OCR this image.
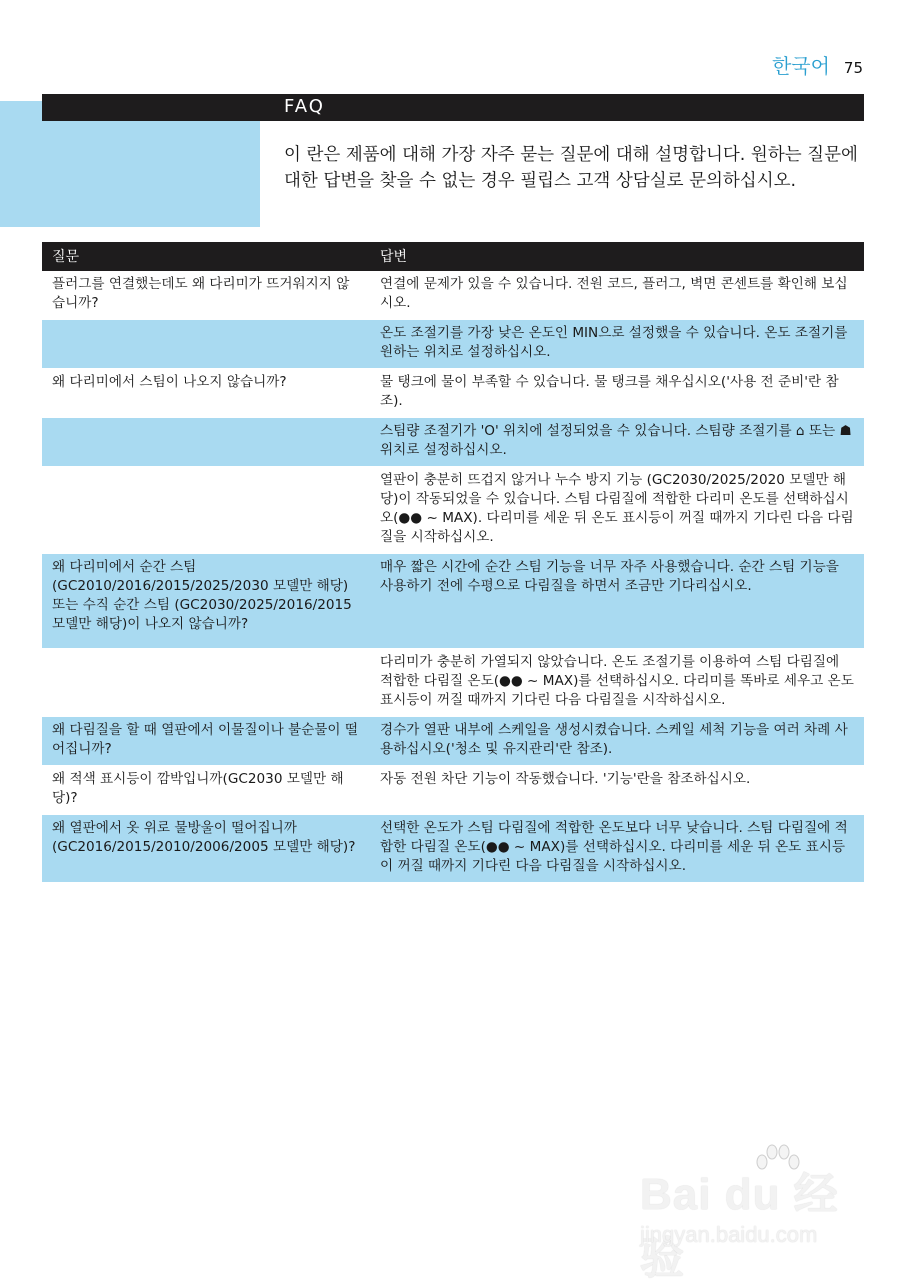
한국어 75
FAQ

이 란은 제품에 대해 가장 자주 묻는 질문에 대해 설명합니다. 원하는 질문에 대한 답변을 찾을 수 없는 경우 필립스 고객 상담실로 문의하십시오.

질문	답변
플러그를 연결했는데도 왜 다리미가 뜨거워지지 않습니까?	연결에 문제가 있을 수 있습니다. 전원 코드, 플러그, 벽면 콘센트를 확인해 보십시오.
	온도 조절기를 가장 낮은 온도인 MIN으로 설정했을 수 있습니다. 온도 조절기를 원하는 위치로 설정하십시오.
왜 다리미에서 스팀이 나오지 않습니까?	물 탱크에 물이 부족할 수 있습니다. 물 탱크를 채우십시오('사용 전 준비'란 참조).
	스팀량 조절기가 'O' 위치에 설정되었을 수 있습니다. 스팀량 조절기를 ⌂ 또는 ☗ 위치로 설정하십시오.
	열판이 충분히 뜨겁지 않거나 누수 방지 기능 (GC2030/2025/2020 모델만 해당)이 작동되었을 수 있습니다. 스팀 다림질에 적합한 다리미 온도를 선택하십시오(●● ~ MAX). 다리미를 세운 뒤 온도 표시등이 꺼질 때까지 기다린 다음 다림질을 시작하십시오.
왜 다리미에서 순간 스팀 (GC2010/2016/2015/2025/2030 모델만 해당) 또는 수직 순간 스팀 (GC2030/2025/2016/2015 모델만 해당)이 나오지 않습니까?	매우 짧은 시간에 순간 스팀 기능을 너무 자주 사용했습니다. 순간 스팀 기능을 사용하기 전에 수평으로 다림질을 하면서 조금만 기다리십시오.
	다리미가 충분히 가열되지 않았습니다. 온도 조절기를 이용하여 스팀 다림질에 적합한 다림질 온도(●● ~ MAX)를 선택하십시오. 다리미를 똑바로 세우고 온도 표시등이 꺼질 때까지 기다린 다음 다림질을 시작하십시오.
왜 다림질을 할 때 열판에서 이물질이나 불순물이 떨어집니까?	경수가 열판 내부에 스케일을 생성시켰습니다. 스케일 세척 기능을 여러 차례 사용하십시오('청소 및 유지관리'란 참조).
왜 적색 표시등이 깜박입니까(GC2030 모델만 해당)?	자동 전원 차단 기능이 작동했습니다. '기능'란을 참조하십시오.
왜 열판에서 옷 위로 물방울이 떨어집니까 (GC2016/2015/2010/2006/2005 모델만 해당)?	선택한 온도가 스팀 다림질에 적합한 온도보다 너무 낮습니다. 스팀 다림질에 적합한 다림질 온도(●● ~ MAX)를 선택하십시오. 다리미를 세운 뒤 온도 표시등이 꺼질 때까지 기다린 다음 다림질을 시작하십시오.
Bai du 经验
jingyan.baidu.com
